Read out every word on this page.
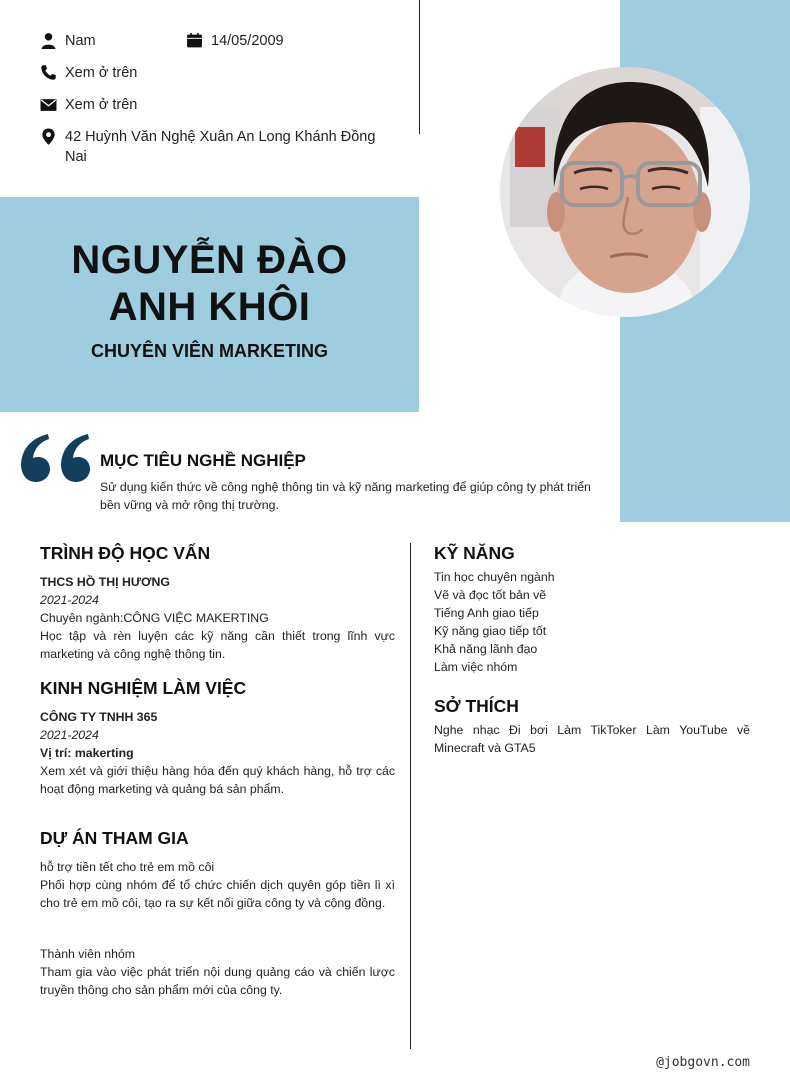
Nam	14/05/2009
Xem ở trên
Xem ở trên
42 Huỳnh Văn Nghệ Xuân An Long Khánh Đồng Nai
NGUYỄN ĐÀO
ANH KHÔI
CHUYÊN VIÊN MARKETING
MỤC TIÊU NGHỀ NGHIỆP
Sử dụng kiến thức về công nghệ thông tin và kỹ năng marketing để giúp công ty phát triển bền vững và mở rộng thị trường.
TRÌNH ĐỘ HỌC VẤN
THCS HỒ THỊ HƯƠNG
2021-2024
Chuyên ngành:CÔNG VIỆC MAKERTING
Học tập và rèn luyện các kỹ năng cần thiết trong lĩnh vực marketing và công nghệ thông tin.
KINH NGHIỆM LÀM VIỆC
CÔNG TY TNHH 365
2021-2024
Vị trí: makerting
Xem xét và giới thiệu hàng hóa đến quý khách hàng, hỗ trợ các hoạt động marketing và quảng bá sản phẩm.
DỰ ÁN THAM GIA
hỗ trợ tiền tết cho trẻ em mồ côi
Phối hợp cùng nhóm để tổ chức chiến dịch quyên góp tiền lì xì cho trẻ em mồ côi, tạo ra sự kết nối giữa công ty và cộng đồng.
Thành viên nhóm
Tham gia vào việc phát triển nội dung quảng cáo và chiến lược truyền thông cho sản phẩm mới của công ty.
KỸ NĂNG
Tin học chuyên ngành
Vẽ và đọc tốt bản vẽ
Tiếng Anh giao tiếp
Kỹ năng giao tiếp tốt
Khả năng lãnh đạo
Làm việc nhóm
SỞ THÍCH
Nghe nhạc Đi bơi Làm TikToker Làm YouTube về Minecraft và GTA5
@jobgovn.com
